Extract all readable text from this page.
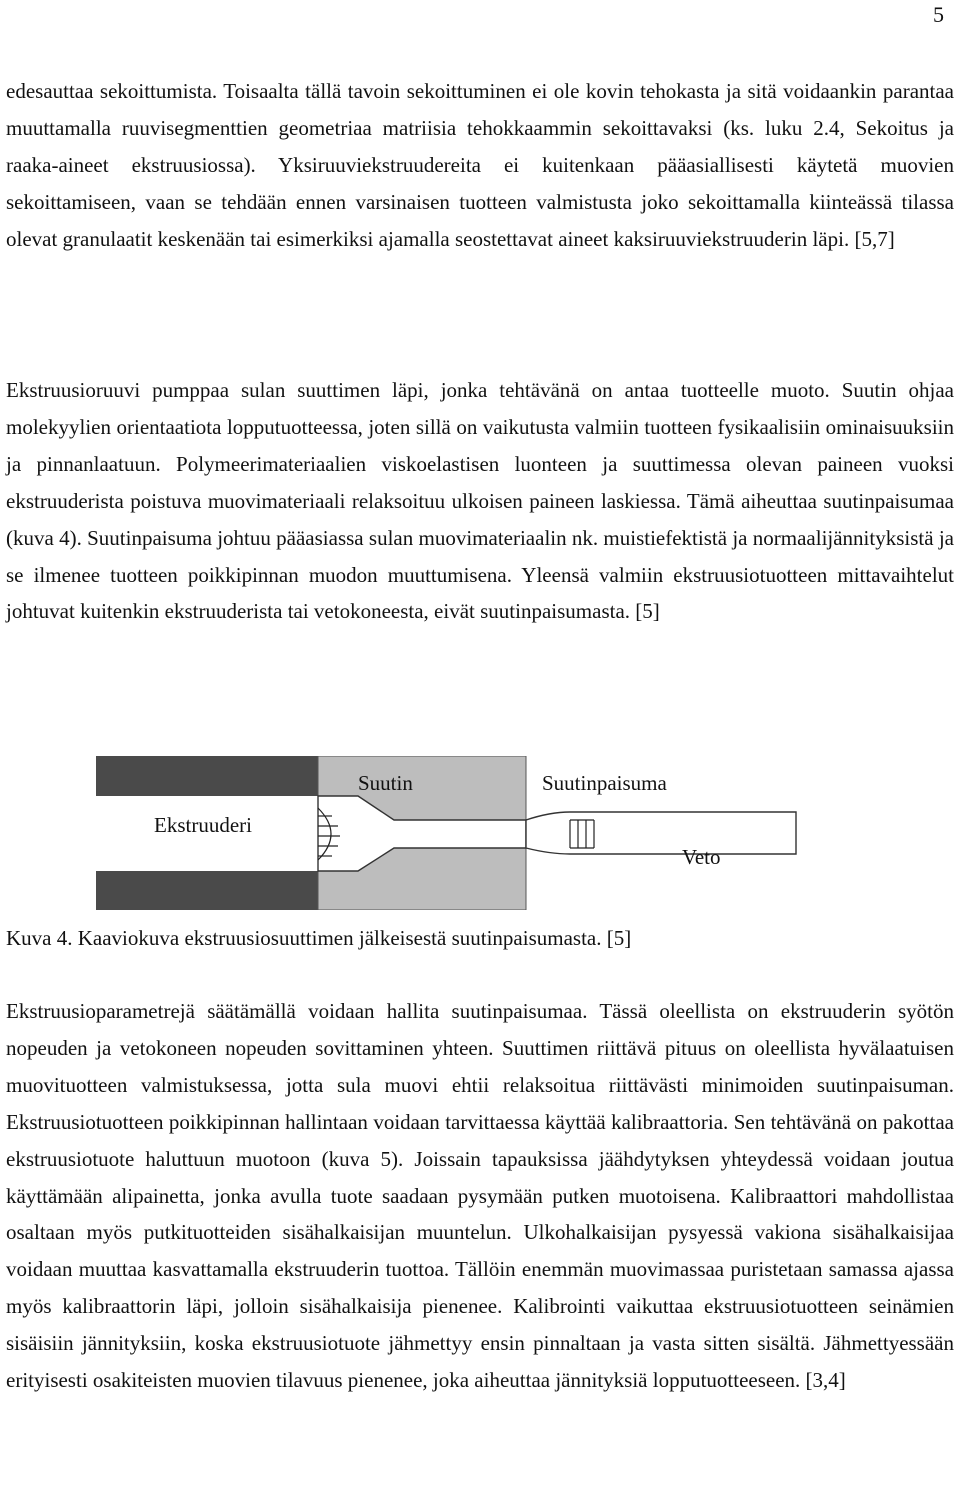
5

edesauttaa sekoittumista. Toisaalta tällä tavoin sekoittuminen ei ole kovin tehokasta ja sitä voidaankin parantaa muuttamalla ruuvisegmenttien geometriaa matriisia tehokkaammin sekoittavaksi (ks. luku 2.4, Sekoitus ja raaka-aineet ekstruusiossa). Yksiruuviekstruudereita ei kuitenkaan pääasiallisesti käytetä muovien sekoittamiseen, vaan se tehdään ennen varsinaisen tuotteen valmistusta joko sekoittamalla kiinteässä tilassa olevat granulaatit keskenään tai esimerkiksi ajamalla seostettavat aineet kaksiruuviekstruuderin läpi. [5,7]

Ekstruusioruuvi pumppaa sulan suuttimen läpi, jonka tehtävänä on antaa tuotteelle muoto. Suutin ohjaa molekyylien orientaatiota lopputuotteessa, joten sillä on vaikutusta valmiin tuotteen fysikaalisiin ominaisuuksiin ja pinnanlaatuun. Polymeerimateriaalien viskoelastisen luonteen ja suuttimessa olevan paineen vuoksi ekstruuderista poistuva muovimateriaali relaksoituu ulkoisen paineen laskiessa. Tämä aiheuttaa suutinpaisumaa (kuva 4). Suutinpaisuma johtuu pääasiassa sulan muovimateriaalin nk. muistiefektistä ja normaalijännityksistä ja se ilmenee tuotteen poikkipinnan muodon muuttumisena. Yleensä valmiin ekstruusiotuotteen mittavaihtelut johtuvat kuitenkin ekstruuderista tai vetokoneesta, eivät suutinpaisumasta. [5]

Ekstruuderi
Suutin	Suutinpaisuma
Veto
Kuva 4. Kaaviokuva ekstruusiosuuttimen jälkeisestä suutinpaisumasta. [5]

Ekstruusioparametrejä säätämällä voidaan hallita suutinpaisumaa. Tässä oleellista on ekstruuderin syötön nopeuden ja vetokoneen nopeuden sovittaminen yhteen. Suuttimen riittävä pituus on oleellista hyvälaatuisen muovituotteen valmistuksessa, jotta sula muovi ehtii relaksoitua riittävästi minimoiden suutinpaisuman. Ekstruusiotuotteen poikkipinnan hallintaan voidaan tarvittaessa käyttää kalibraattoria. Sen tehtävänä on pakottaa ekstruusiotuote haluttuun muotoon (kuva 5). Joissain tapauksissa jäähdytyksen yhteydessä voidaan joutua käyttämään alipainetta, jonka avulla tuote saadaan pysymään putken muotoisena. Kalibraattori mahdollistaa osaltaan myös putkituotteiden sisähalkaisijan muuntelun. Ulkohalkaisijan pysyessä vakiona sisähalkaisijaa voidaan muuttaa kasvattamalla ekstruuderin tuottoa. Tällöin enemmän muovimassaa puristetaan samassa ajassa myös kalibraattorin läpi, jolloin sisähalkaisija pienenee. Kalibrointi vaikuttaa ekstruusiotuotteen seinämien sisäisiin jännityksiin, koska ekstruusiotuote jähmettyy ensin pinnaltaan ja vasta sitten sisältä. Jähmettyessään erityisesti osakiteisten muovien tilavuus pienenee, joka aiheuttaa jännityksiä lopputuotteeseen. [3,4]
